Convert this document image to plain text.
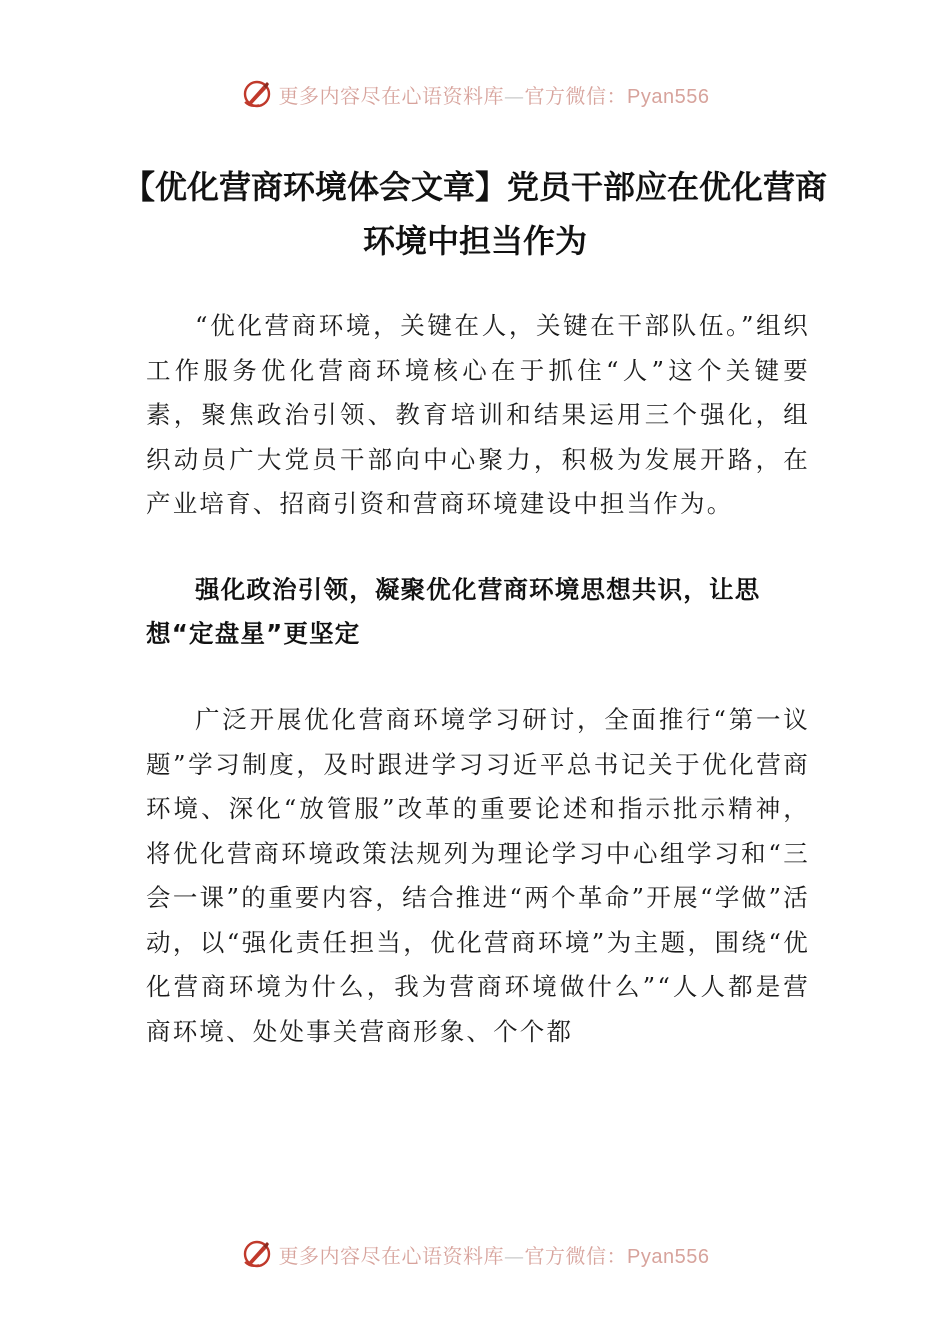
更多内容尽在心语资料库—官方微信：Pyan556
【优化营商环境体会文章】党员干部应在优化营商环境中担当作为

“优化营商环境，关键在人，关键在干部队伍。”组织工作服务优化营商环境核心在于抓住“人”这个关键要素，聚焦政治引领、教育培训和结果运用三个强化，组织动员广大党员干部向中心聚力，积极为发展开路，在产业培育、招商引资和营商环境建设中担当作为。

强化政治引领，凝聚优化营商环境思想共识，让思想“定盘星”更坚定

广泛开展优化营商环境学习研讨，全面推行“第一议题”学习制度，及时跟进学习习近平总书记关于优化营商环境、深化“放管服”改革的重要论述和指示批示精神，将优化营商环境政策法规列为理论学习中心组学习和“三会一课”的重要内容，结合推进“两个革命”开展“学做”活动，以“强化责任担当，优化营商环境”为主题，围绕“优化营商环境为什么，我为营商环境做什么”“人人都是营商环境、处处事关营商形象、个个都

更多内容尽在心语资料库—官方微信：Pyan556
